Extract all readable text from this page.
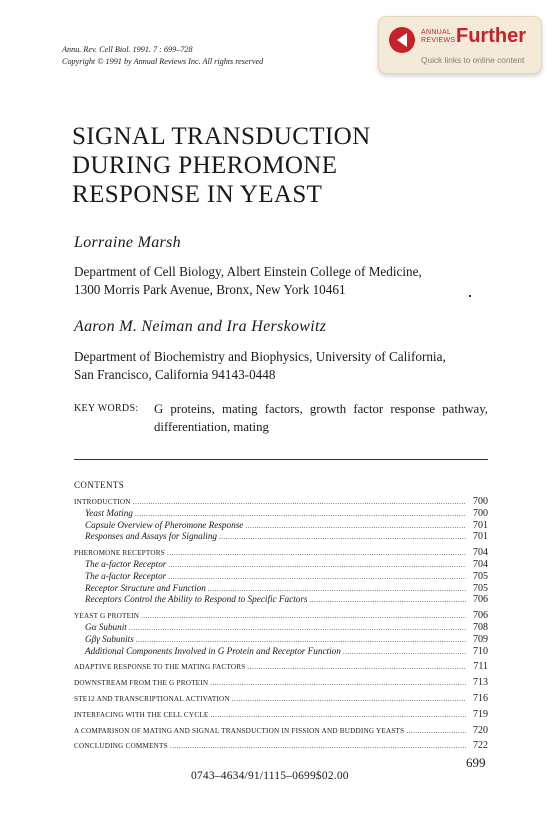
Annu. Rev. Cell Biol. 1991. 7 : 699–728
Copyright © 1991 by Annual Reviews Inc. All rights reserved
ANNUAL
REVIEWS Further
Quick links to online content
SIGNAL TRANSDUCTION
DURING PHEROMONE
RESPONSE IN YEAST
Lorraine Marsh
Department of Cell Biology, Albert Einstein College of Medicine,
1300 Morris Park Avenue, Bronx, New York 10461
Aaron M. Neiman and Ira Herskowitz
Department of Biochemistry and Biophysics, University of California,
San Francisco, California 94143-0448
KEY WORDS: G proteins, mating factors, growth factor response pathway, differentiation, mating
CONTENTS
INTRODUCTION .....	700
Yeast Mating .....	700
Capsule Overview of Pheromone Response .....	701
Responses and Assays for Signaling .....	701
PHEROMONE RECEPTORS .....	704
The α-factor Receptor .....	704
The a-factor Receptor .....	705
Receptor Structure and Function .....	705
Receptors Control the Ability to Respond to Specific Factors .....	706
YEAST G PROTEIN .....	706
Gα Subunit .....	708
Gβγ Subunits .....	709
Additional Components Involved in G Protein and Receptor Function .....	710
ADAPTIVE RESPONSE TO THE MATING FACTORS .....	711
DOWNSTREAM FROM THE G PROTEIN .....	713
STE12 AND TRANSCRIPTIONAL ACTIVATION .....	716
INTERFACING WITH THE CELL CYCLE .....	719
A COMPARISON OF MATING AND SIGNAL TRANSDUCTION IN FISSION AND BUDDING YEASTS .....	720
CONCLUDING COMMENTS .....	722
699
0743–4634/91/1115–0699$02.00
